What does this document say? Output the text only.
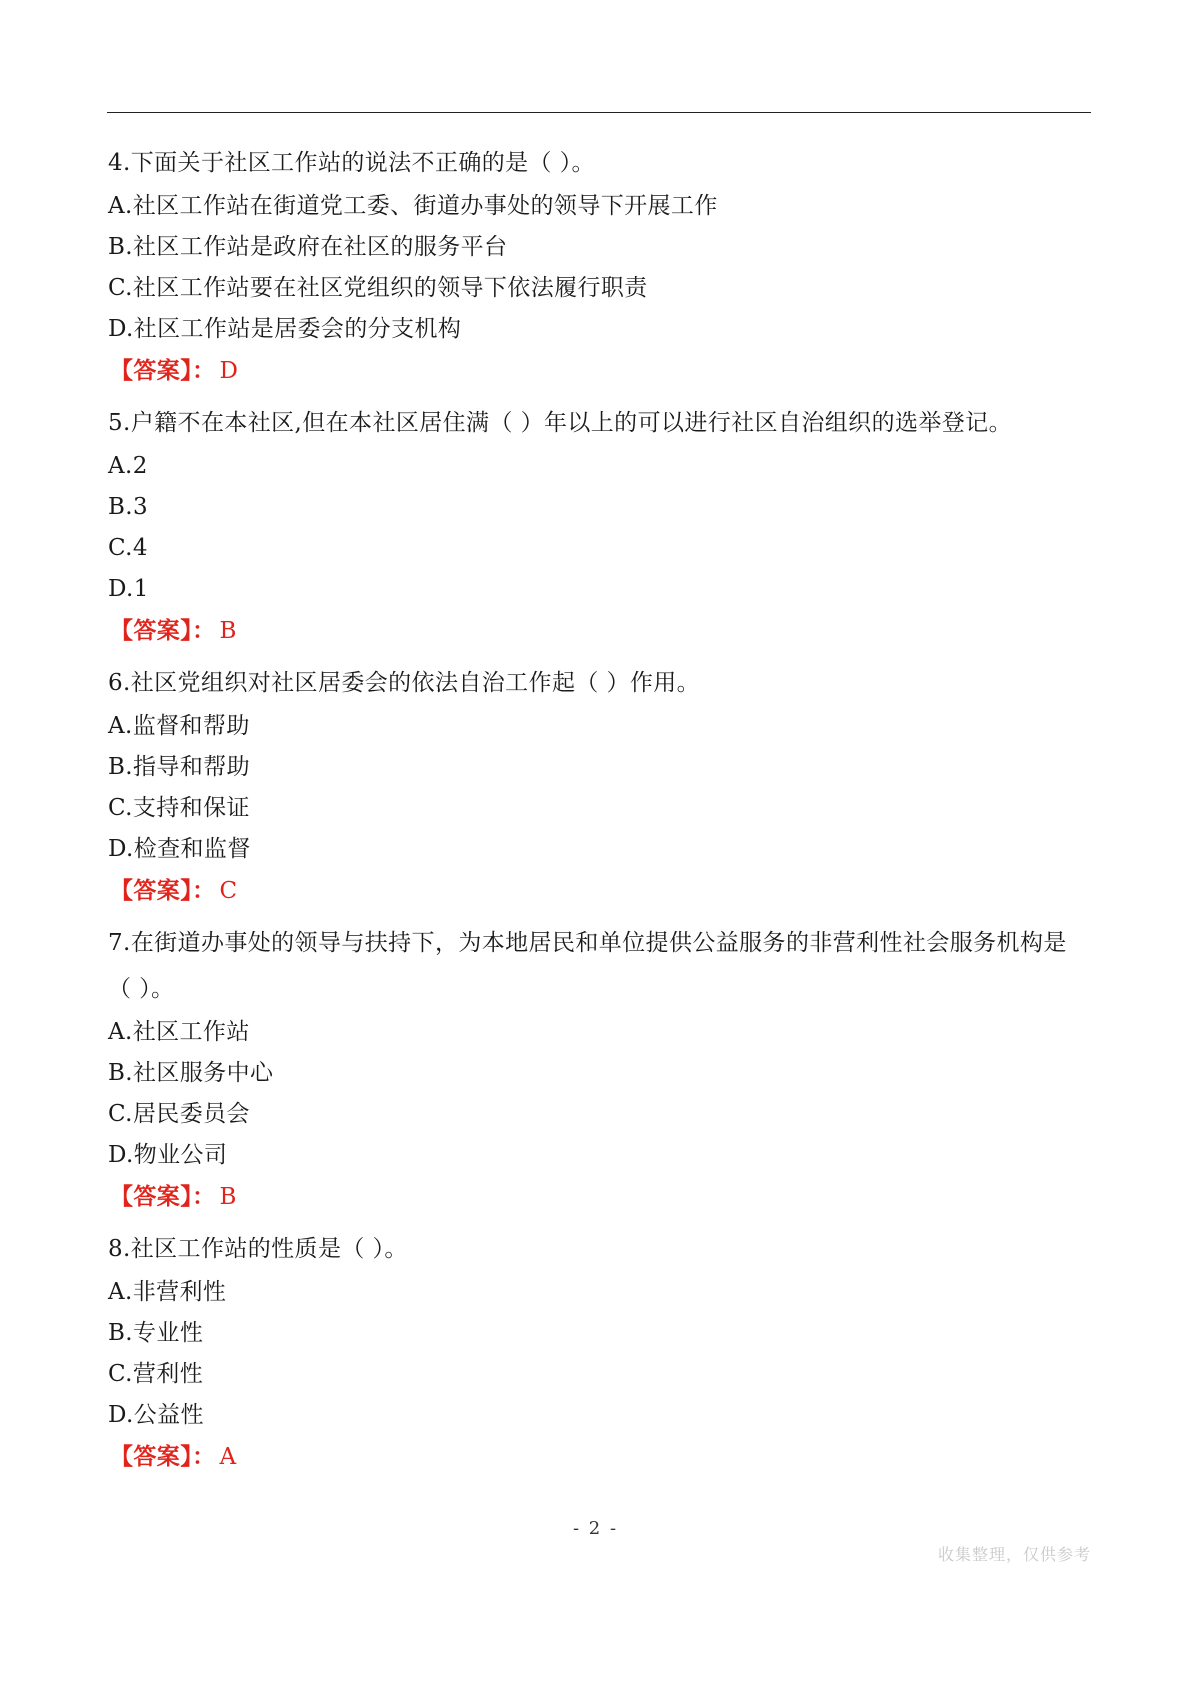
4.下面关于社区工作站的说法不正确的是（ ）。

A.社区工作站在街道党工委、街道办事处的领导下开展工作

B.社区工作站是政府在社区的服务平台

C.社区工作站要在社区党组织的领导下依法履行职责

D.社区工作站是居委会的分支机构

【答案】： D

5.户籍不在本社区,但在本社区居住满（ ）年以上的可以进行社区自治组织的选举登记。

A.2

B.3

C.4

D.1

【答案】： B

6.社区党组织对社区居委会的依法自治工作起（ ）作用。

A.监督和帮助

B.指导和帮助

C.支持和保证

D.检查和监督

【答案】： C

7.在街道办事处的领导与扶持下，为本地居民和单位提供公益服务的非营利性社会服务机构是

（ ）。

A.社区工作站

B.社区服务中心

C.居民委员会

D.物业公司

【答案】： B

8.社区工作站的性质是（ ）。

A.非营利性

B.专业性

C.营利性

D.公益性

【答案】： A

- 2 -
收集整理，仅供参考
